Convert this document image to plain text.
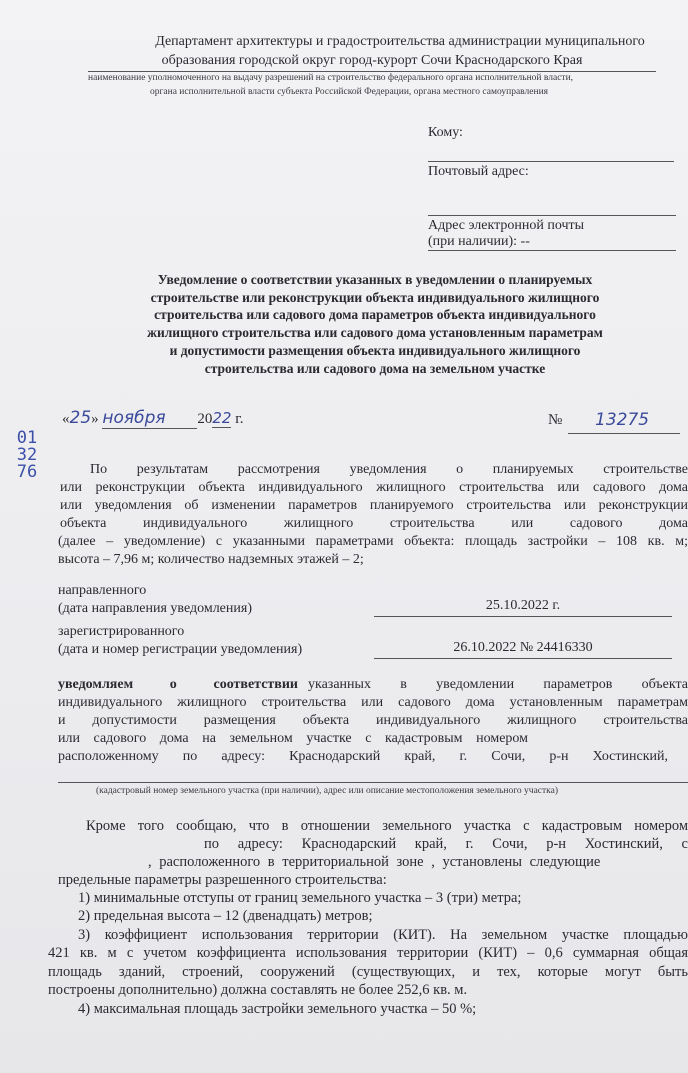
Департамент архитектуры и градостроительства администрации муниципального
образования городской округ город-курорт Сочи Краснодарского Края
наименование уполномоченного на выдачу разрешений на строительство федерального органа исполнительной власти,
органа исполнительной власти субъекта Российской Федерации, органа местного самоуправления
Кому:
Почтовый адрес:
Адрес электронной почты
(при наличии): --
Уведомление о соответствии указанных в уведомлении о планируемых
строительстве или реконструкции объекта индивидуального жилищного
строительства или садового дома параметров объекта индивидуального
жилищного строительства или садового дома установленным параметрам
и допустимости размещения объекта индивидуального жилищного
строительства или садового дома на земельном участке
013276
«25» ноября 2022 г.	№ 13275
По результатам рассмотрения уведомления о планируемых строительстве
или реконструкции объекта индивидуального жилищного строительства или садового дома
или уведомления об изменении параметров планируемого строительства или реконструкции
объекта индивидуального жилищного строительства или садового дома
(далее – уведомление) с указанными параметрами объекта: площадь застройки – 108 кв. м;
высота – 7,96 м; количество надземных этажей – 2;
направленного
(дата направления уведомления)	25.10.2022 г.
зарегистрированного
(дата и номер регистрации уведомления)	26.10.2022 № 24416330
уведомляем о соответствии указанных в уведомлении параметров объекта
индивидуального жилищного строительства или садового дома установленным параметрам
и допустимости размещения объекта индивидуального жилищного строительства
или садового дома на земельном участке с кадастровым номером
расположенному по адресу: Краснодарский край, г. Сочи, р-н Хостинский,
(кадастровый номер земельного участка (при наличии), адрес или описание местоположения земельного участка)
Кроме того сообщаю, что в отношении земельного участка с кадастровым номером
по адресу: Краснодарский край, г. Сочи, р-н Хостинский, с
, расположенного в территориальной зоне , установлены следующие
предельные параметры разрешенного строительства:
1) минимальные отступы от границ земельного участка – 3 (три) метра;
2) предельная высота – 12 (двенадцать) метров;
3) коэффициент использования территории (КИТ). На земельном участке площадью
421 кв. м с учетом коэффициента использования территории (КИТ) – 0,6 суммарная общая
площадь зданий, строений, сооружений (существующих, и тех, которые могут быть
построены дополнительно) должна составлять не более 252,6 кв. м.
4) максимальная площадь застройки земельного участка – 50 %;
